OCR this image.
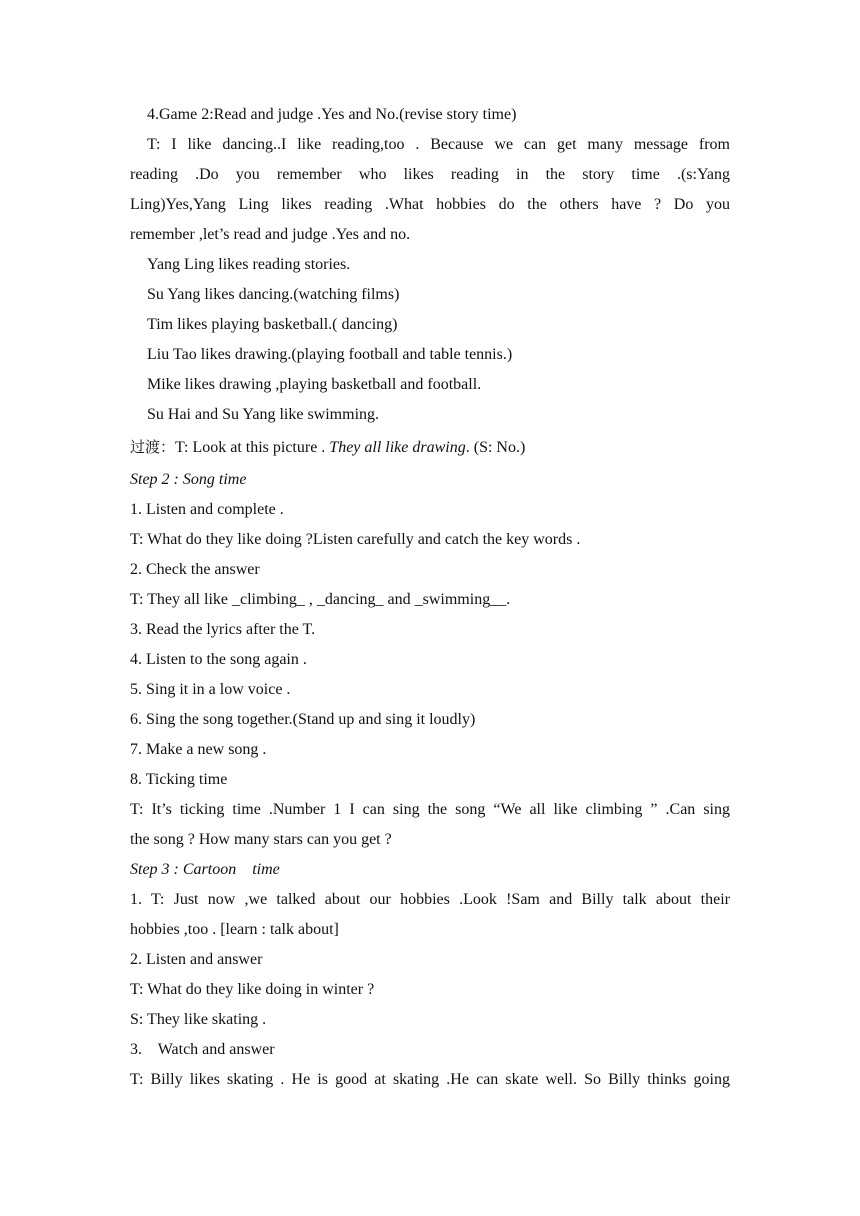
4.Game 2:Read and judge .Yes and No.(revise story time)
T: I like dancing..I like reading,too . Because we can get many message from
reading .Do you remember who likes reading in the story time .(s:Yang
Ling)Yes,Yang Ling likes reading .What hobbies do the others have ? Do you
remember ,let’s read and judge .Yes and no.
Yang Ling likes reading stories.
Su Yang likes dancing.(watching films)
Tim likes playing basketball.( dancing)
Liu Tao likes drawing.(playing football and table tennis.)
Mike likes drawing ,playing basketball and football.
Su Hai and Su Yang like swimming.
过渡：T: Look at this picture . They all like drawing. (S: No.)
Step 2 : Song time
1. Listen and complete .
T: What do they like doing ?Listen carefully and catch the key words .
2. Check the answer
T: They all like _climbing_ , _dancing_ and _swimming__.
3. Read the lyrics after the T.
4. Listen to the song again .
5. Sing it in a low voice .
6. Sing the song together.(Stand up and sing it loudly)
7. Make a new song .
8. Ticking time
T: It’s ticking time .Number 1 I can sing the song “We all like climbing ” .Can sing
the song ? How many stars can you get ?
Step 3 : Cartoon    time
1. T: Just now ,we talked about our hobbies .Look !Sam and Billy talk about their
hobbies ,too . [learn : talk about]
2. Listen and answer
T: What do they like doing in winter ?
S: They like skating .
3.    Watch and answer
T: Billy likes skating . He is good at skating .He can skate well. So Billy thinks going
